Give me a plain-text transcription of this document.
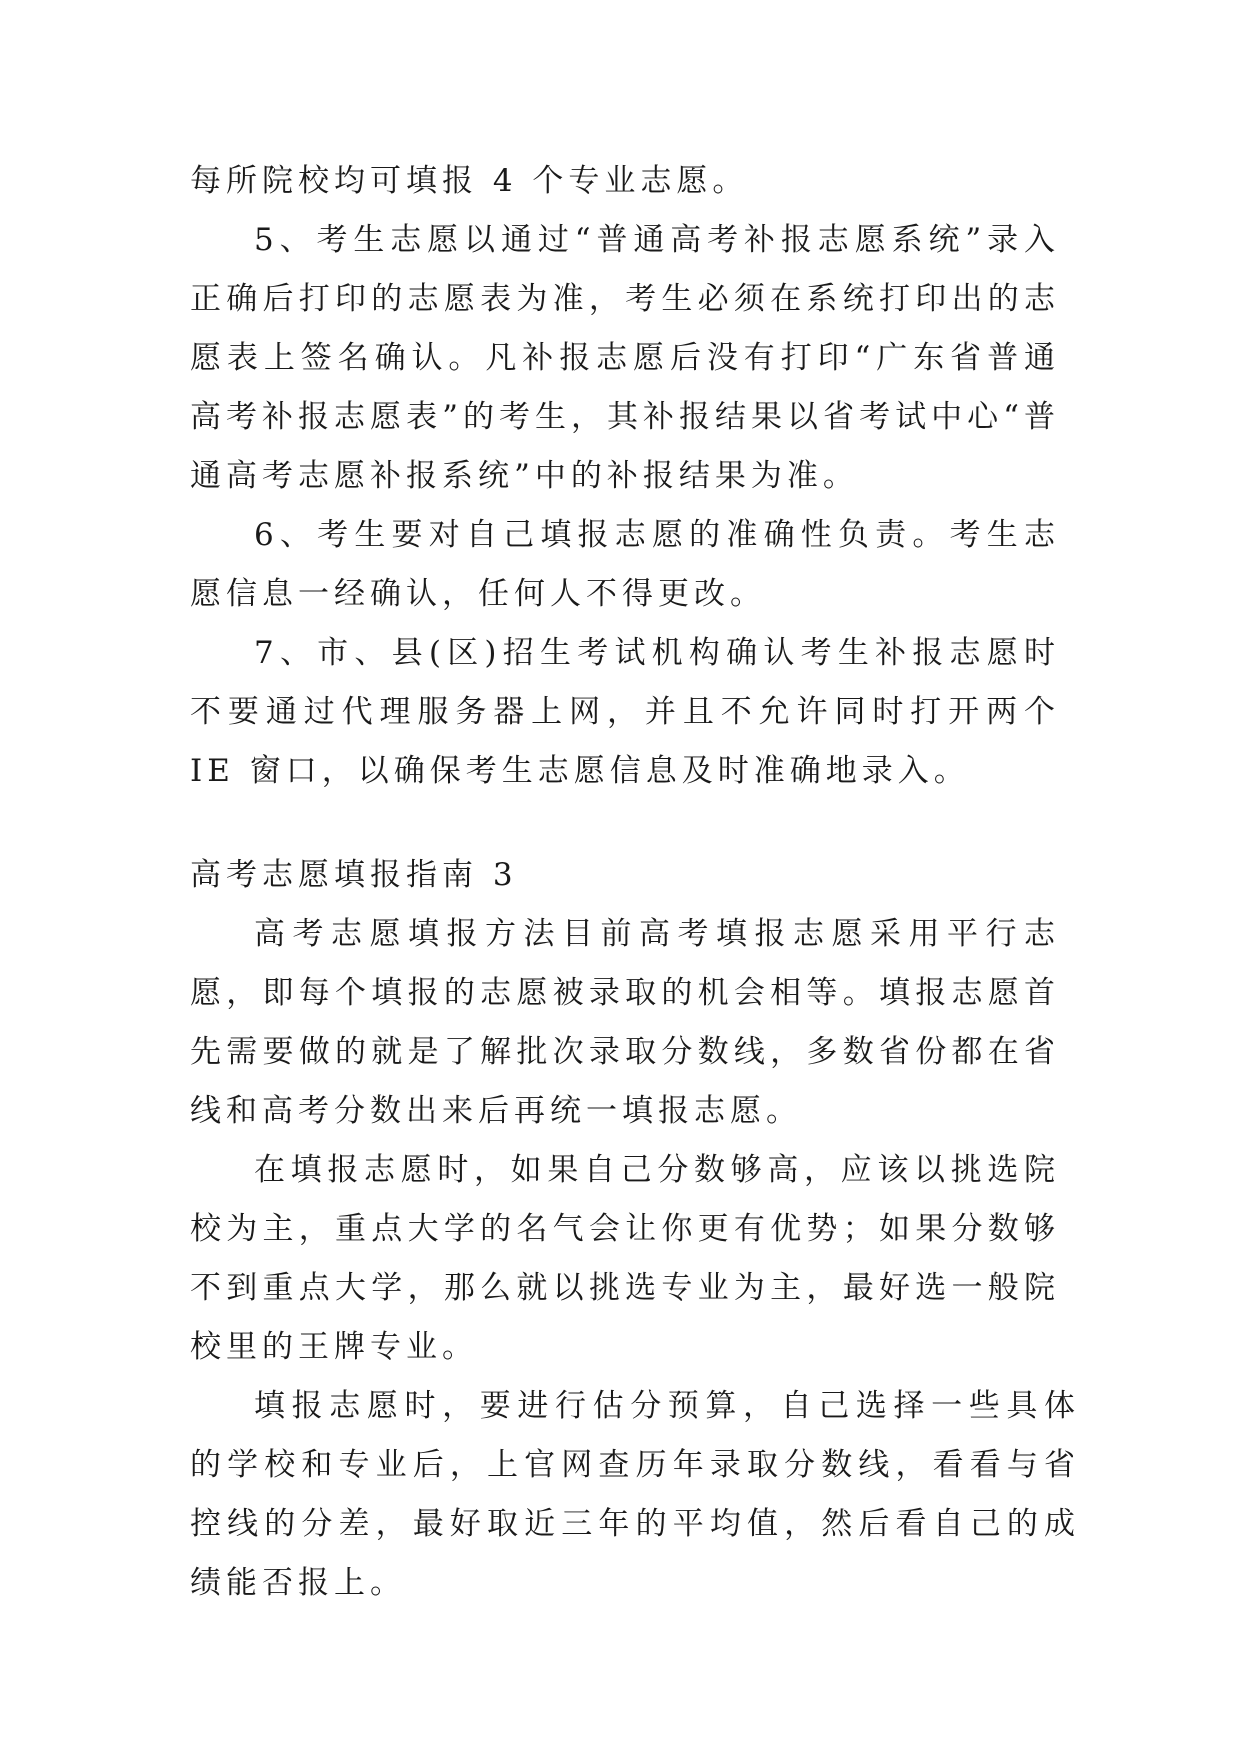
每所院校均可填报 4 个专业志愿。

5、考生志愿以通过“普通高考补报志愿系统”录入正确后打印的志愿表为准，考生必须在系统打印出的志愿表上签名确认。凡补报志愿后没有打印“广东省普通高考补报志愿表”的考生，其补报结果以省考试中心“普通高考志愿补报系统”中的补报结果为准。

6、考生要对自己填报志愿的准确性负责。考生志愿信息一经确认，任何人不得更改。

7、市、县(区)招生考试机构确认考生补报志愿时不要通过代理服务器上网，并且不允许同时打开两个 IE 窗口，以确保考生志愿信息及时准确地录入。

高考志愿填报指南 3

高考志愿填报方法目前高考填报志愿采用平行志愿，即每个填报的志愿被录取的机会相等。填报志愿首先需要做的就是了解批次录取分数线，多数省份都在省线和高考分数出来后再统一填报志愿。

在填报志愿时，如果自己分数够高，应该以挑选院校为主，重点大学的名气会让你更有优势；如果分数够不到重点大学，那么就以挑选专业为主，最好选一般院校里的王牌专业。

填报志愿时，要进行估分预算，自己选择一些具体的学校和专业后，上官网查历年录取分数线，看看与省控线的分差，最好取近三年的平均值，然后看自己的成绩能否报上。
